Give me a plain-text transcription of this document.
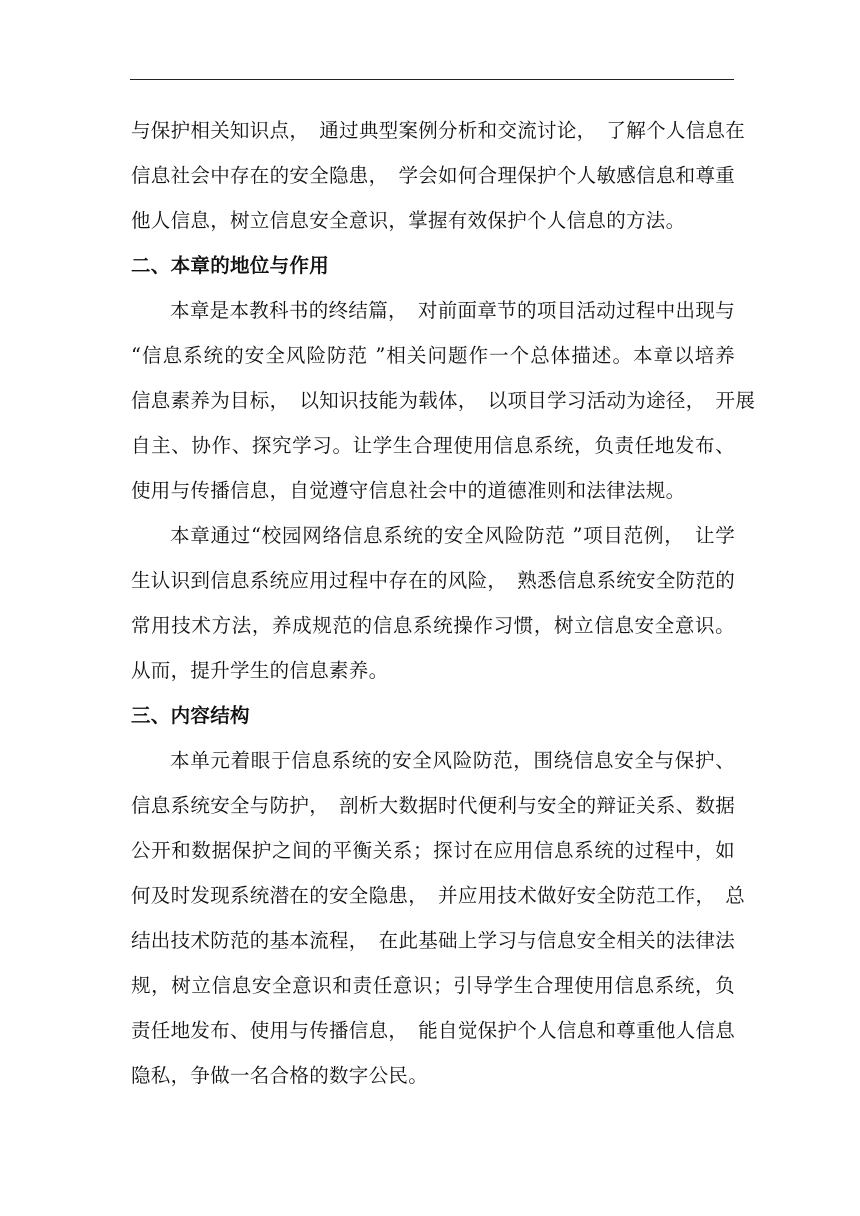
与保护相关知识点，　通过典型案例分析和交流讨论，　了解个人信息在
信息社会中存在的安全隐患，　学会如何合理保护个人敏感信息和尊重
他人信息，树立信息安全意识，掌握有效保护个人信息的方法。
二、本章的地位与作用
本章是本教科书的终结篇，　对前面章节的项目活动过程中出现与
“信息系统的安全风险防范 ”相关问题作一个总体描述。本章以培养
信息素养为目标，　以知识技能为载体，　以项目学习活动为途径，　开展
自主、协作、探究学习。让学生合理使用信息系统，负责任地发布、
使用与传播信息，自觉遵守信息社会中的道德准则和法律法规。
本章通过“校园网络信息系统的安全风险防范 ”项目范例，　让学
生认识到信息系统应用过程中存在的风险，　熟悉信息系统安全防范的
常用技术方法，养成规范的信息系统操作习惯，树立信息安全意识。
从而，提升学生的信息素养。
三、内容结构
本单元着眼于信息系统的安全风险防范，围绕信息安全与保护、
信息系统安全与防护，　剖析大数据时代便利与安全的辩证关系、数据
公开和数据保护之间的平衡关系；探讨在应用信息系统的过程中，如
何及时发现系统潜在的安全隐患，　并应用技术做好安全防范工作，　总
结出技术防范的基本流程，　在此基础上学习与信息安全相关的法律法
规，树立信息安全意识和责任意识；引导学生合理使用信息系统，负
责任地发布、使用与传播信息，　能自觉保护个人信息和尊重他人信息
隐私，争做一名合格的数字公民。
